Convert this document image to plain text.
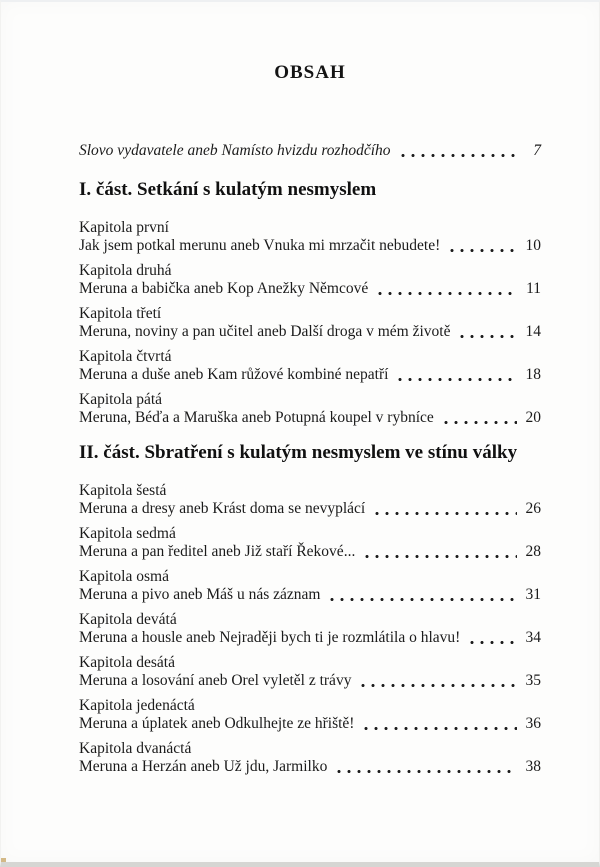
OBSAH
Slovo vydavatele aneb Namísto hvizdu rozhodčího	7
I. část. Setkání s kulatým nesmyslem
Kapitola první
Jak jsem potkal merunu aneb Vnuka mi mrzačit nebudete!	10
Kapitola druhá
Meruna a babička aneb Kop Anežky Němcové	11
Kapitola třetí
Meruna, noviny a pan učitel aneb Další droga v mém životě	14
Kapitola čtvrtá
Meruna a duše aneb Kam růžové kombiné nepatří	18
Kapitola pátá
Meruna, Béďa a Maruška aneb Potupná koupel v rybníce	20
II. část. Sbratření s kulatým nesmyslem ve stínu války
Kapitola šestá
Meruna a dresy aneb Krást doma se nevyplácí	26
Kapitola sedmá
Meruna a pan ředitel aneb Již staří Řekové...	28
Kapitola osmá
Meruna a pivo aneb Máš u nás záznam	31
Kapitola devátá
Meruna a housle aneb Nejraději bych ti je rozmlátila o hlavu!	34
Kapitola desátá
Meruna a losování aneb Orel vyletěl z trávy	35
Kapitola jedenáctá
Meruna a úplatek aneb Odkulhejte ze hřiště!	36
Kapitola dvanáctá
Meruna a Herzán aneb Už jdu, Jarmilko	38
